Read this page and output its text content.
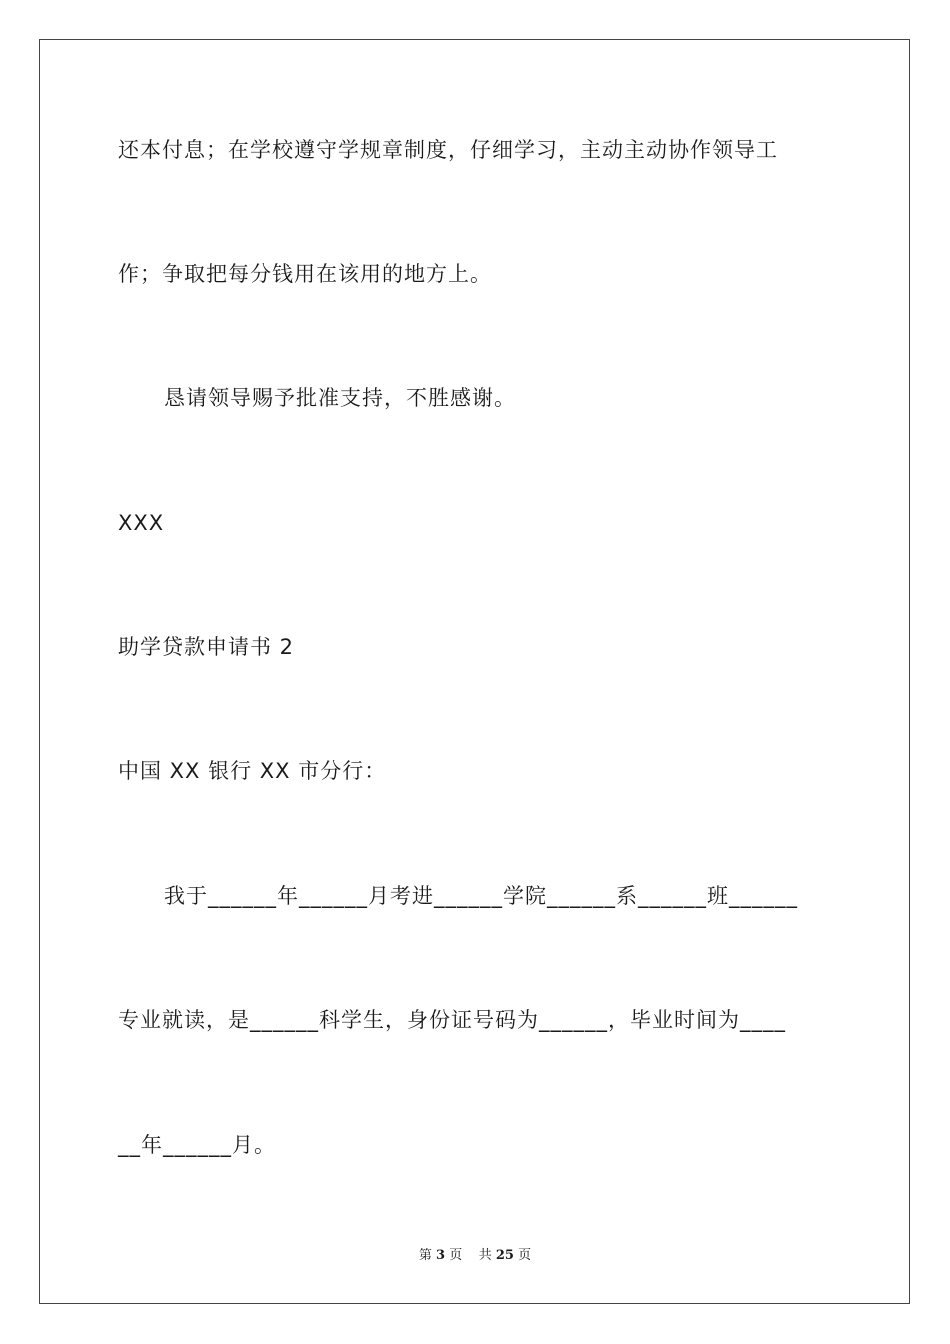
还本付息；在学校遵守学规章制度，仔细学习，主动主动协作领导工
作；争取把每分钱用在该用的地方上。
恳请领导赐予批准支持，不胜感谢。
XXX
助学贷款申请书 2
中国 XX 银行 XX 市分行：
我于______年______月考进______学院______系______班______
专业就读，是______科学生，身份证号码为______，毕业时间为____
__年______月。
第 3 页    共 25 页
